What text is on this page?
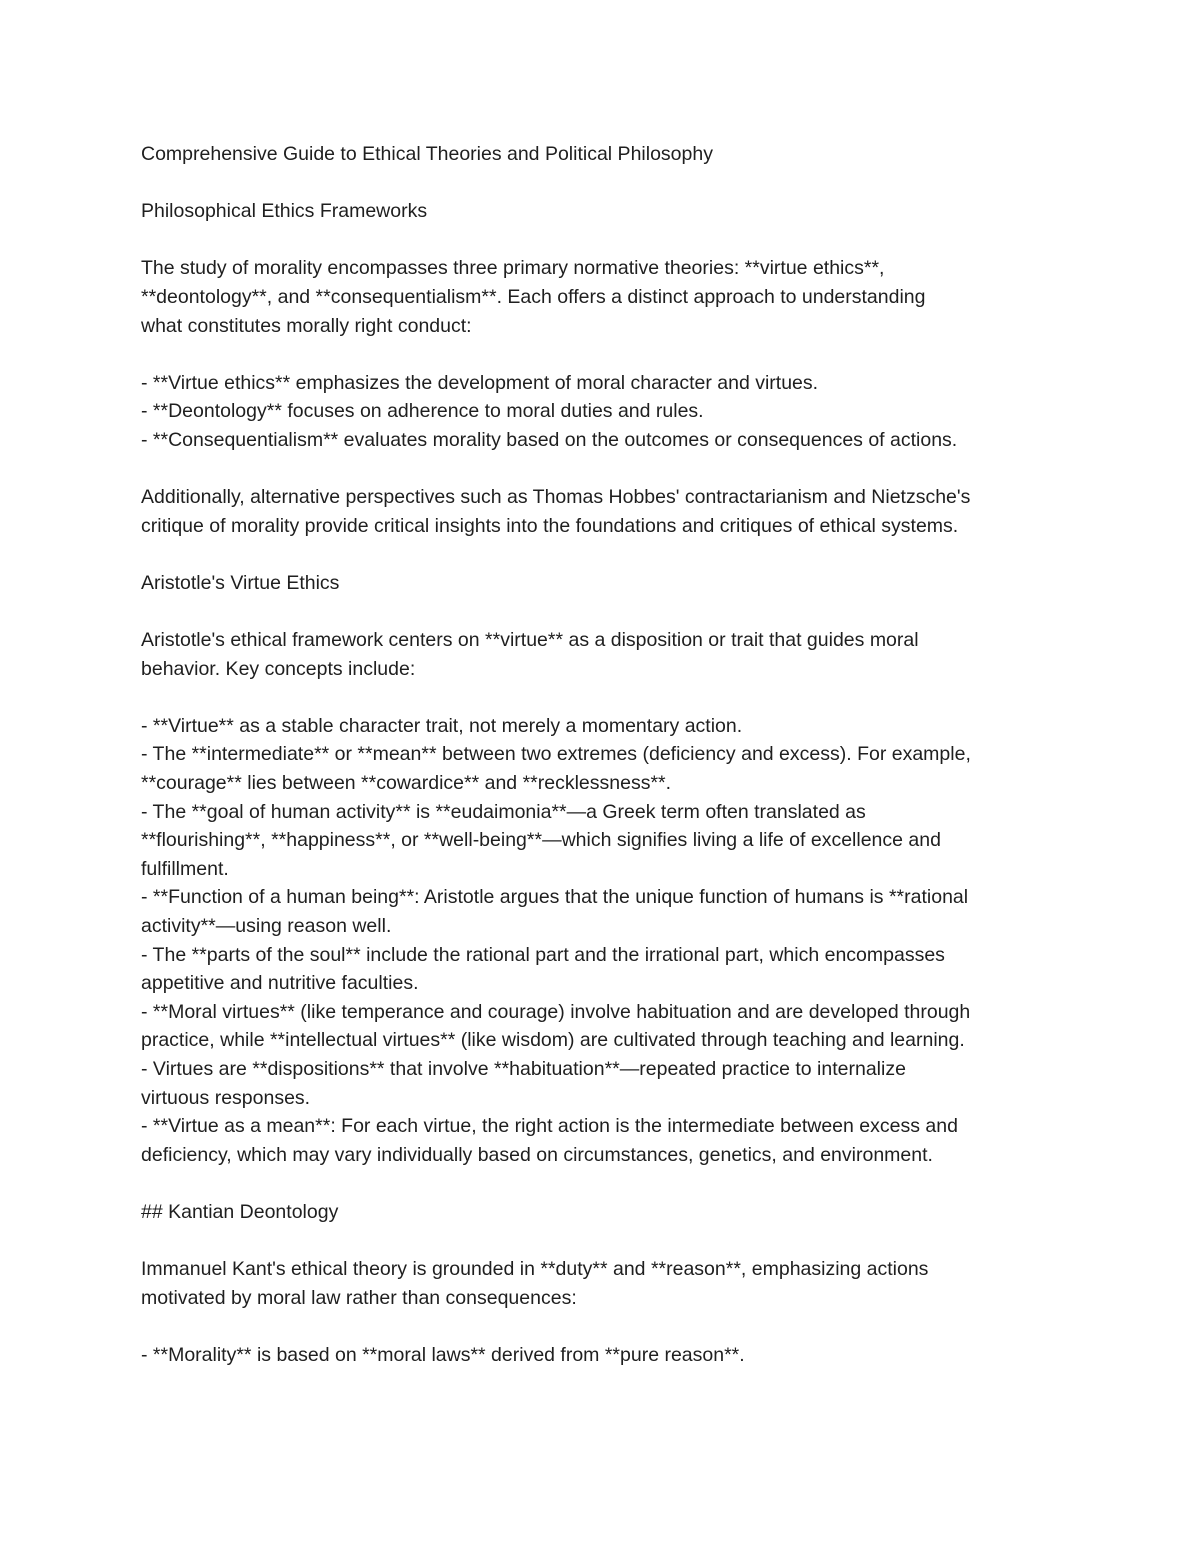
Comprehensive Guide to Ethical Theories and Political Philosophy

Philosophical Ethics Frameworks

The study of morality encompasses three primary normative theories: **virtue ethics**,

**deontology**, and **consequentialism**. Each offers a distinct approach to understanding

what constitutes morally right conduct:

- **Virtue ethics** emphasizes the development of moral character and virtues.

- **Deontology** focuses on adherence to moral duties and rules.

- **Consequentialism** evaluates morality based on the outcomes or consequences of actions.

Additionally, alternative perspectives such as Thomas Hobbes' contractarianism and Nietzsche's

critique of morality provide critical insights into the foundations and critiques of ethical systems.

Aristotle's Virtue Ethics

Aristotle's ethical framework centers on **virtue** as a disposition or trait that guides moral

behavior. Key concepts include:

- **Virtue** as a stable character trait, not merely a momentary action.

- The **intermediate** or **mean** between two extremes (deficiency and excess). For example,

**courage** lies between **cowardice** and **recklessness**.

- The **goal of human activity** is **eudaimonia**—a Greek term often translated as

**flourishing**, **happiness**, or **well-being**—which signifies living a life of excellence and

fulfillment.

- **Function of a human being**: Aristotle argues that the unique function of humans is **rational

activity**—using reason well.

- The **parts of the soul** include the rational part and the irrational part, which encompasses

appetitive and nutritive faculties.

- **Moral virtues** (like temperance and courage) involve habituation and are developed through

practice, while **intellectual virtues** (like wisdom) are cultivated through teaching and learning.

- Virtues are **dispositions** that involve **habituation**—repeated practice to internalize

virtuous responses.

- **Virtue as a mean**: For each virtue, the right action is the intermediate between excess and

deficiency, which may vary individually based on circumstances, genetics, and environment.

## Kantian Deontology

Immanuel Kant's ethical theory is grounded in **duty** and **reason**, emphasizing actions

motivated by moral law rather than consequences:

- **Morality** is based on **moral laws** derived from **pure reason**.
